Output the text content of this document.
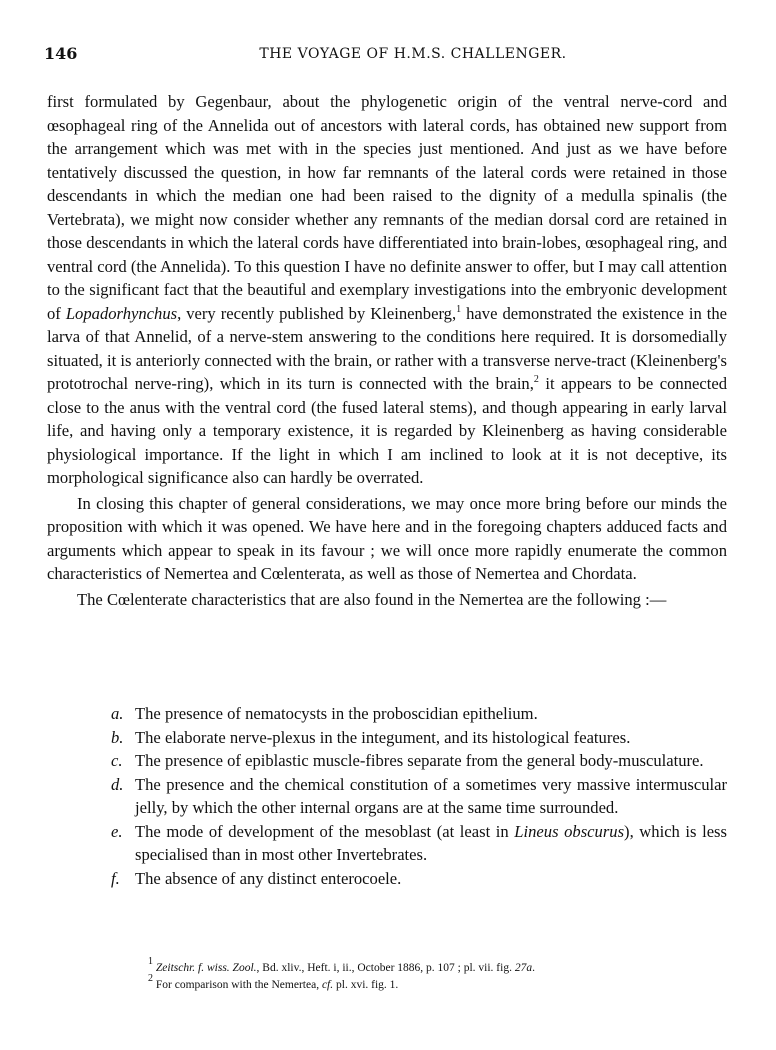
146	THE VOYAGE OF H.M.S. CHALLENGER.

first formulated by Gegenbaur, about the phylogenetic origin of the ventral nerve-cord and œsophageal ring of the Annelida out of ancestors with lateral cords, has obtained new support from the arrangement which was met with in the species just mentioned. And just as we have before tentatively discussed the question, in how far remnants of the lateral cords were retained in those descendants in which the median one had been raised to the dignity of a medulla spinalis (the Vertebrata), we might now consider whether any remnants of the median dorsal cord are retained in those descendants in which the lateral cords have differentiated into brain-lobes, œsophageal ring, and ventral cord (the Annelida). To this question I have no definite answer to offer, but I may call attention to the significant fact that the beautiful and exemplary investigations into the embryonic development of Lopadorhynchus, very recently published by Kleinenberg,$^1$ have demonstrated the existence in the larva of that Annelid, of a nerve-stem answering to the conditions here required. It is dorsomedially situated, it is anteriorly connected with the brain, or rather with a transverse nerve-tract (Kleinenberg's prototrochal nerve-ring), which in its turn is connected with the brain,$^2$ it appears to be connected close to the anus with the ventral cord (the fused lateral stems), and though appearing in early larval life, and having only a temporary existence, it is regarded by Kleinenberg as having considerable physiological importance. If the light in which I am inclined to look at it is not deceptive, its morphological significance also can hardly be overrated.

In closing this chapter of general considerations, we may once more bring before our minds the proposition with which it was opened. We have here and in the foregoing chapters adduced facts and arguments which appear to speak in its favour ; we will once more rapidly enumerate the common characteristics of Nemertea and Cœlenterata, as well as those of Nemertea and Chordata.

The Cœlenterate characteristics that are also found in the Nemertea are the following :—

a. The presence of nematocysts in the proboscidian epithelium.
b. The elaborate nerve-plexus in the integument, and its histological features.
c. The presence of epiblastic muscle-fibres separate from the general body-musculature.
d. The presence and the chemical constitution of a sometimes very massive intermuscular jelly, by which the other internal organs are at the same time surrounded.
e. The mode of development of the mesoblast (at least in Lineus obscurus), which is less specialised than in most other Invertebrates.
f. The absence of any distinct enterocoele.

$^1$ Zeitschr. f. wiss. Zool., Bd. xliv., Heft. i, ii., October 1886, p. 107 ; pl. vii. fig. 27a.

$^2$ For comparison with the Nemertea, cf. pl. xvi. fig. 1.
